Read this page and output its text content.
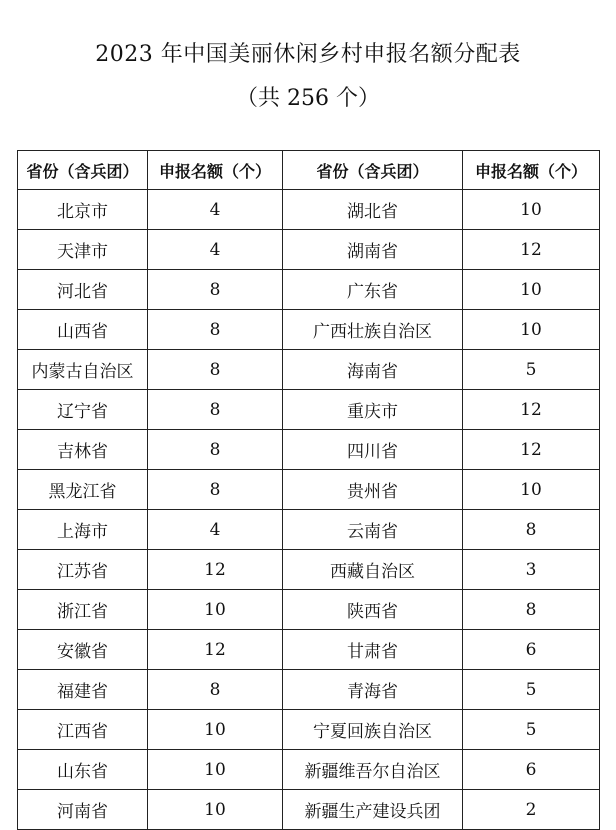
2023 年中国美丽休闲乡村申报名额分配表
（共 256 个）
省份（含兵团）	申报名额（个）	省份（含兵团）	申报名额（个）
北京市	4	湖北省	10
天津市	4	湖南省	12
河北省	8	广东省	10
山西省	8	广西壮族自治区	10
内蒙古自治区	8	海南省	5
辽宁省	8	重庆市	12
吉林省	8	四川省	12
黑龙江省	8	贵州省	10
上海市	4	云南省	8
江苏省	12	西藏自治区	3
浙江省	10	陕西省	8
安徽省	12	甘肃省	6
福建省	8	青海省	5
江西省	10	宁夏回族自治区	5
山东省	10	新疆维吾尔自治区	6
河南省	10	新疆生产建设兵团	2
